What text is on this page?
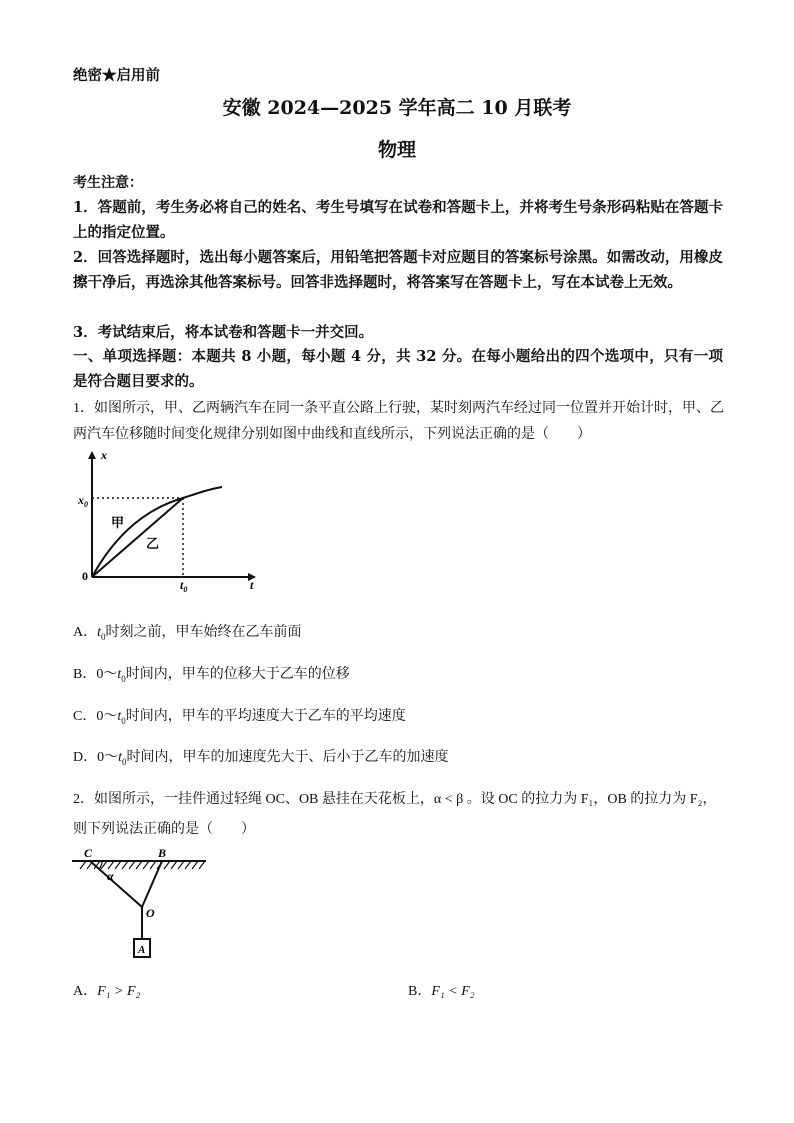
绝密★启用前
安徽 2024—2025 学年高二 10 月联考
物理
考生注意：
1．答题前，考生务必将自己的姓名、考生号填写在试卷和答题卡上，并将考生号条形码粘贴在答题卡上的指定位置。
2．回答选择题时，选出每小题答案后，用铅笔把答题卡对应题目的答案标号涂黑。如需改动，用橡皮擦干净后，再选涂其他答案标号。回答非选择题时，将答案写在答题卡上，写在本试卷上无效。
3．考试结束后，将本试卷和答题卡一并交回。
一、单项选择题：本题共 8 小题，每小题 4 分，共 32 分。在每小题给出的四个选项中，只有一项是符合题目要求的。
1．如图所示，甲、乙两辆汽车在同一条平直公路上行驶，某时刻两汽车经过同一位置并开始计时，甲、乙两汽车位移随时间变化规律分别如图中曲线和直线所示，下列说法正确的是（　　）
x
t
0
$x_0$
$t_0$
甲
乙
A．$t_0$时刻之前，甲车始终在乙车前面
B．$0\sim t_0$时间内，甲车的位移大于乙车的位移
C．$0\sim t_0$时间内，甲车的平均速度大于乙车的平均速度
D．$0\sim t_0$时间内，甲车的加速度先大于、后小于乙车的加速度
2．如图所示，一挂件通过轻绳 OC、OB 悬挂在天花板上，α < β 。设 OC 的拉力为 F₁，OB 的拉力为 F₂，
则下列说法正确的是（　　）
C	B
α
O
A
A．F₁ > F₂	B．F₁ < F₂
